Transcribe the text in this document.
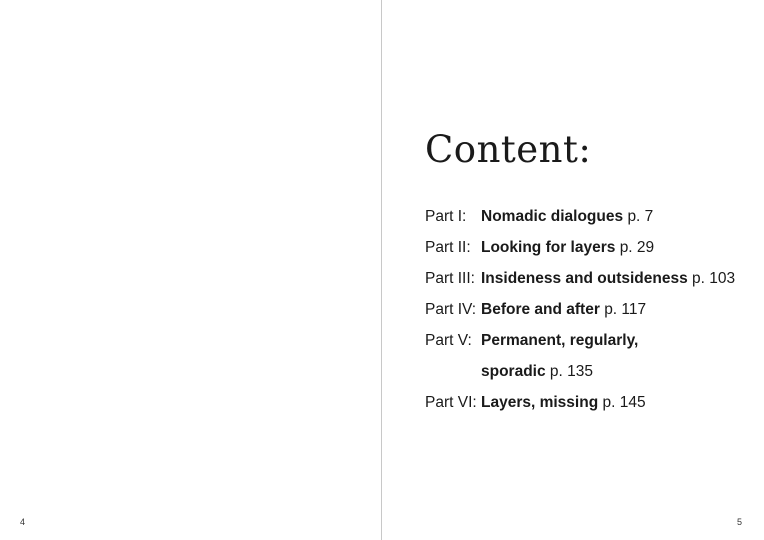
4
Content:
Part I: Nomadic dialogues p. 7
Part II: Looking for layers p. 29
Part III: Insideness and outsideness p. 103
Part IV: Before and after p. 117
Part V: Permanent, regularly,
sporadic p. 135
Part VI: Layers, missing p. 145
5
